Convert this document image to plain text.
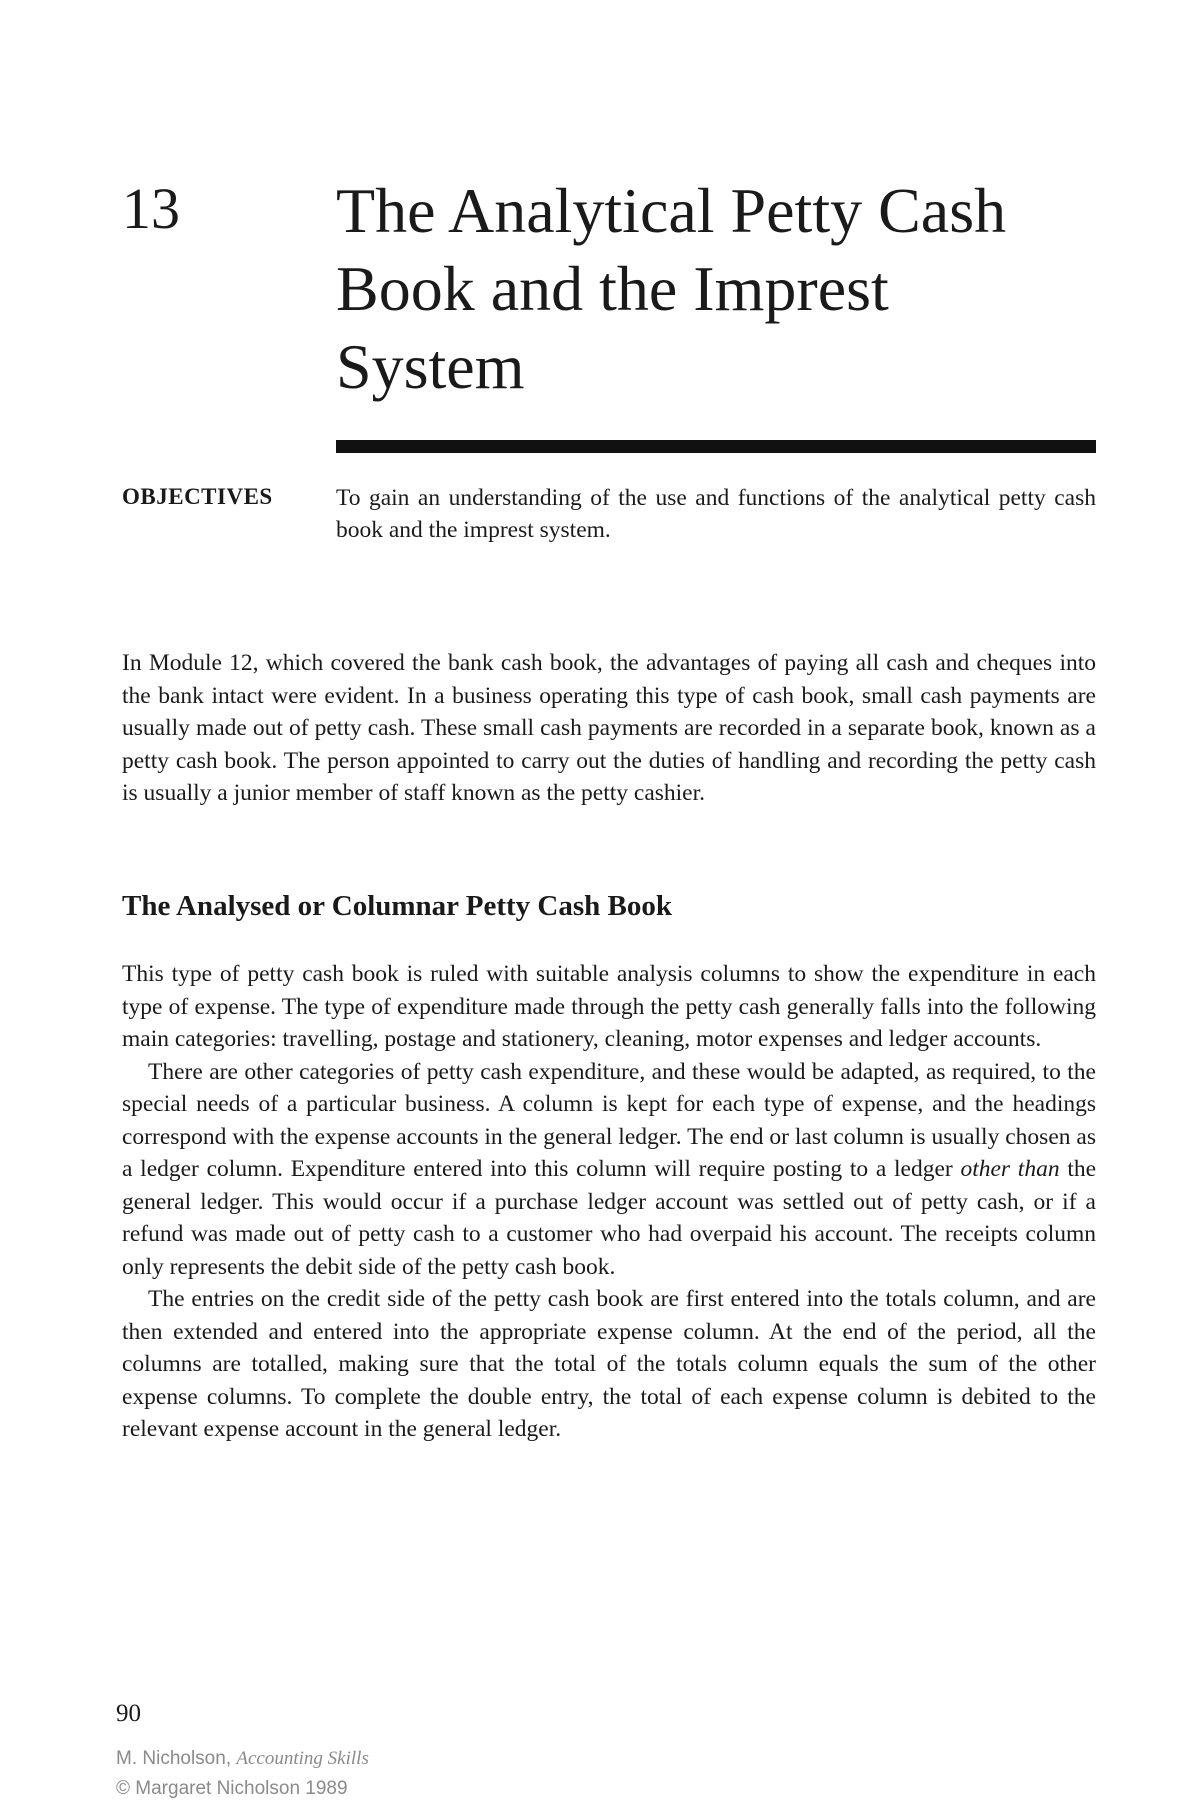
13 The Analytical Petty Cash
Book and the Imprest
System
OBJECTIVES	To gain an understanding of the use and functions of the analytical petty cash book and the imprest system.

In Module 12, which covered the bank cash book, the advantages of paying all cash and cheques into the bank intact were evident. In a business operating this type of cash book, small cash payments are usually made out of petty cash. These small cash payments are recorded in a separate book, known as a petty cash book. The person appointed to carry out the duties of handling and recording the petty cash is usually a junior member of staff known as the petty cashier.

The Analysed or Columnar Petty Cash Book

This type of petty cash book is ruled with suitable analysis columns to show the expenditure in each type of expense. The type of expenditure made through the petty cash generally falls into the following main categories: travelling, postage and stationery, cleaning, motor expenses and ledger accounts.

There are other categories of petty cash expenditure, and these would be adapted, as required, to the special needs of a particular business. A column is kept for each type of expense, and the headings correspond with the expense accounts in the general ledger. The end or last column is usually chosen as a ledger column. Expenditure entered into this column will require posting to a ledger other than the general ledger. This would occur if a purchase ledger account was settled out of petty cash, or if a refund was made out of petty cash to a customer who had overpaid his account. The receipts column only represents the debit side of the petty cash book.

The entries on the credit side of the petty cash book are first entered into the totals column, and are then extended and entered into the appropriate expense column. At the end of the period, all the columns are totalled, making sure that the total of the totals column equals the sum of the other expense columns. To complete the double entry, the total of each expense column is debited to the relevant expense account in the general ledger.

90
M. Nicholson, Accounting Skills
© Margaret Nicholson 1989
